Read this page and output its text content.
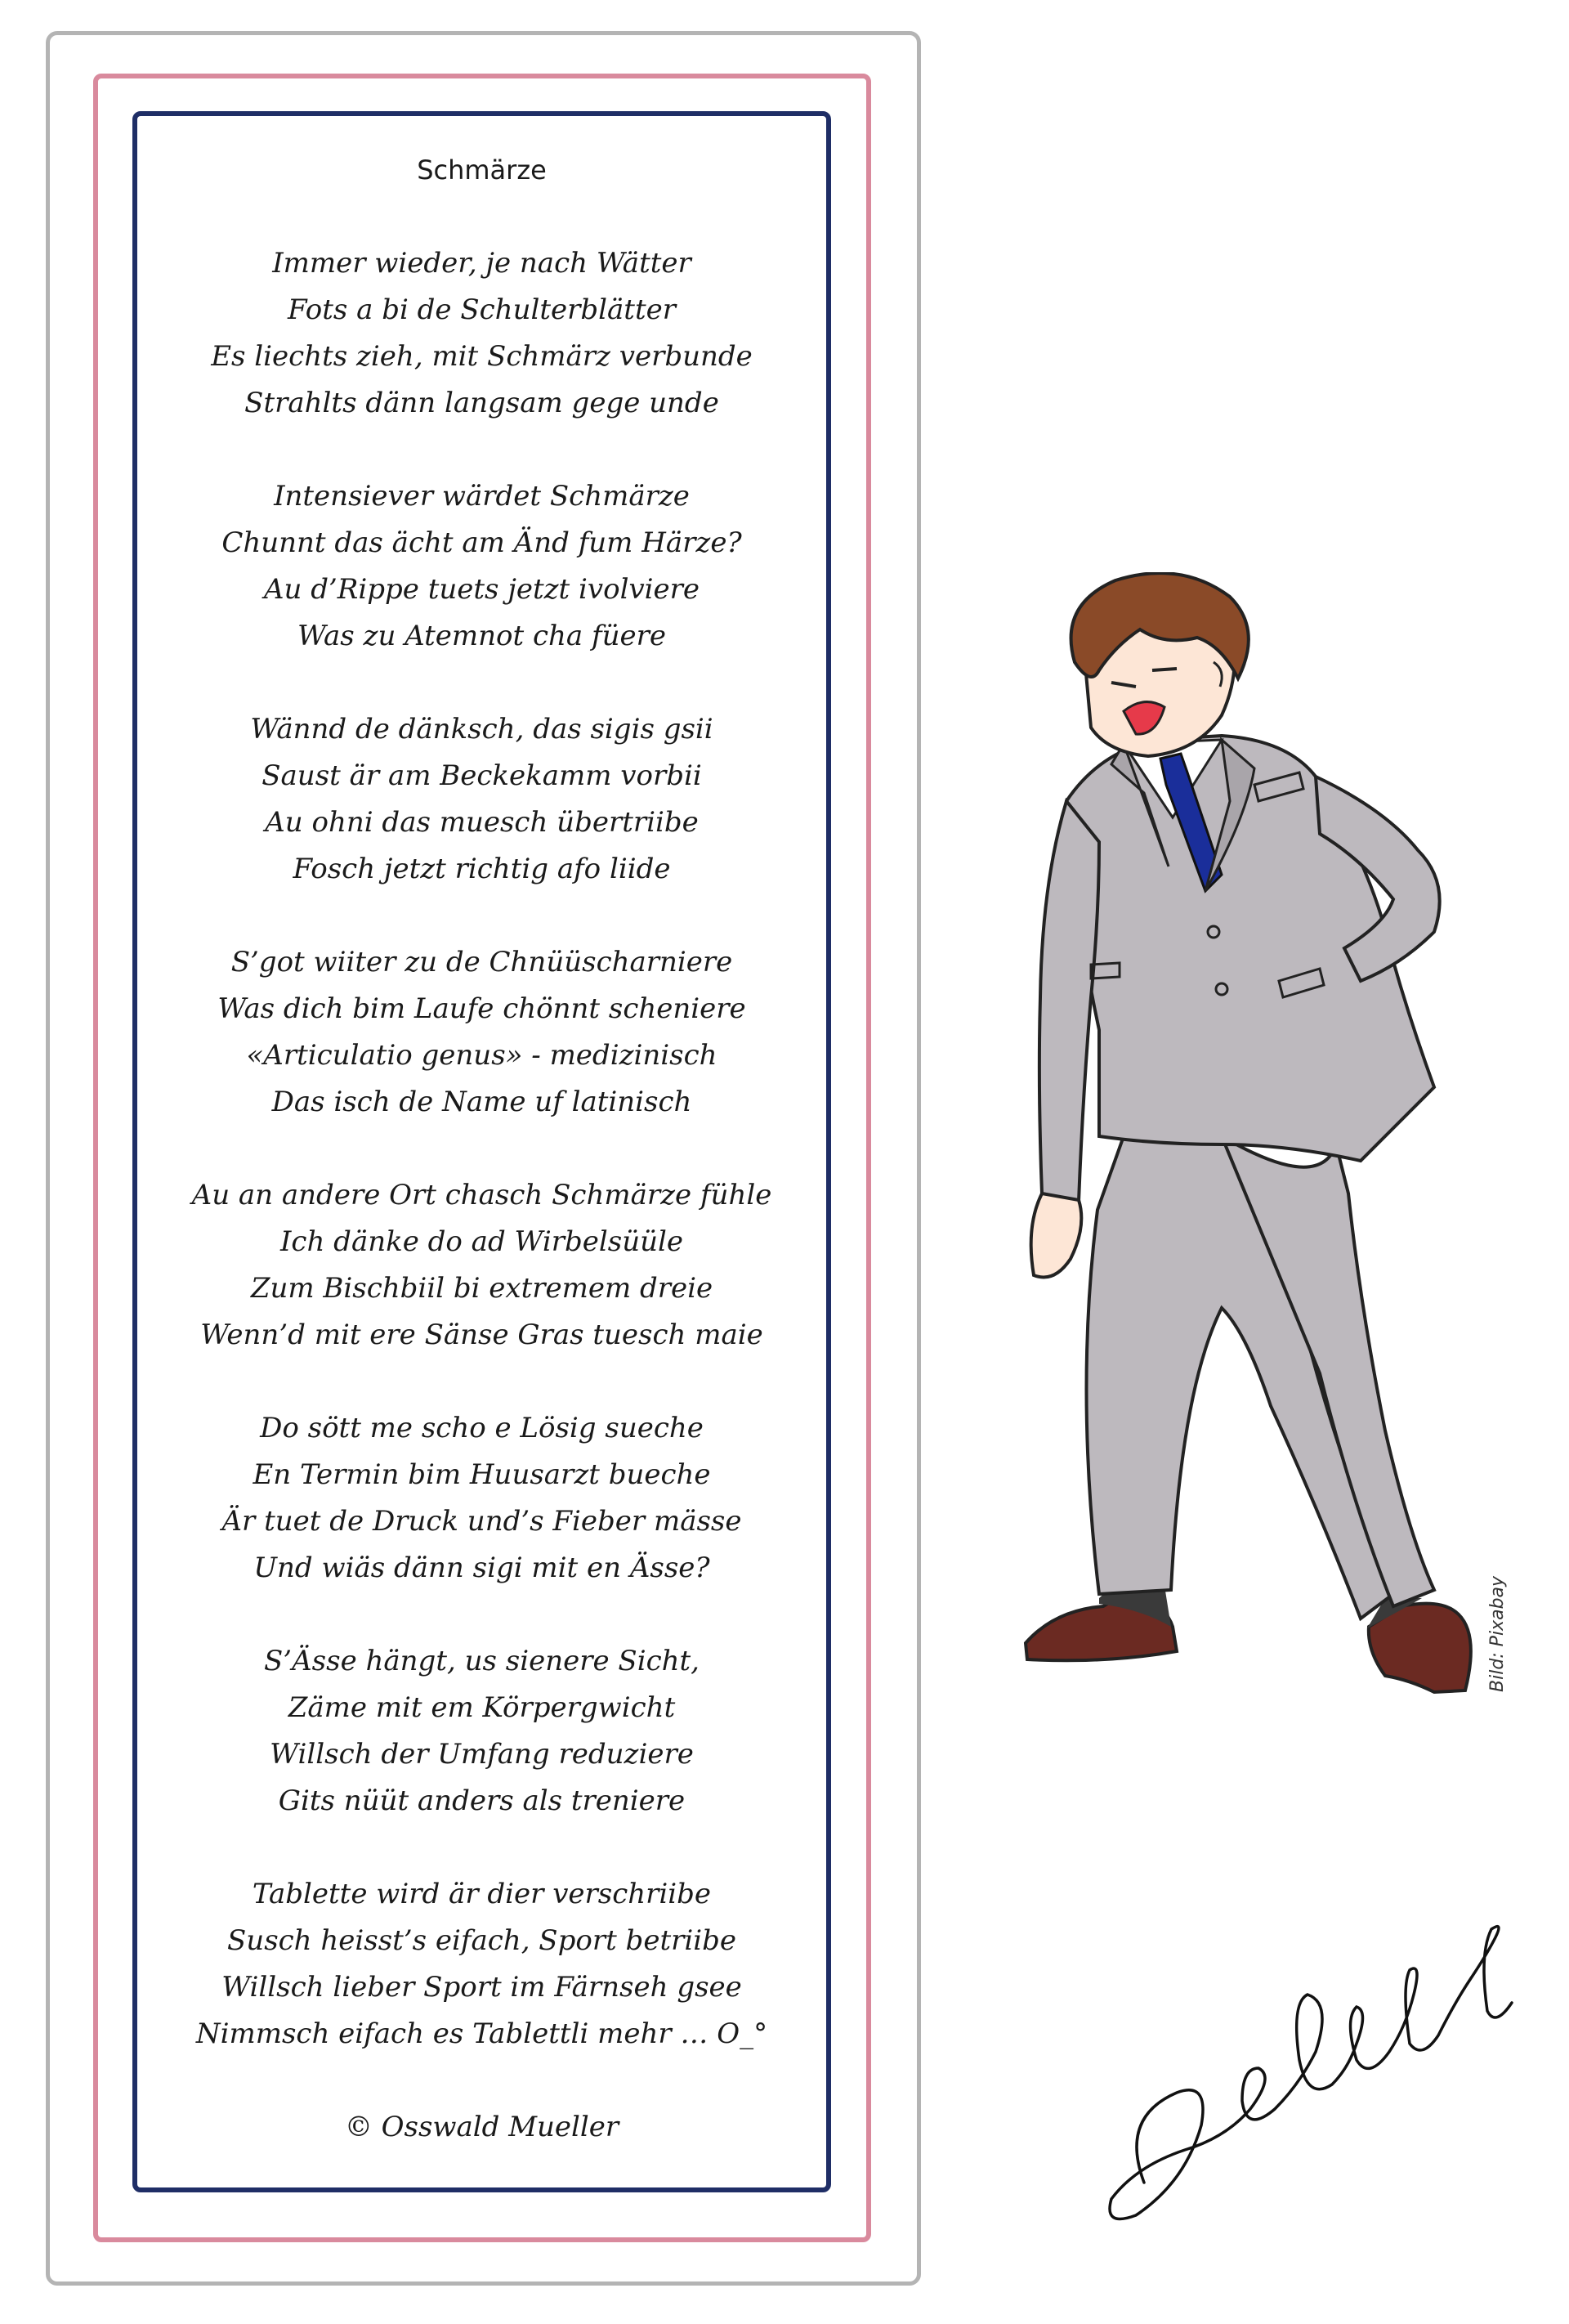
Schmärze
Immer wieder, je nach Wätter
Fots a bi de Schulterblätter
Es liechts zieh, mit Schmärz verbunde
Strahlts dänn langsam gege unde
Intensiever wärdet Schmärze
Chunnt das ächt am Änd fum Härze?
Au d’Rippe tuets jetzt ivolviere
Was zu Atemnot cha füere
Wännd de dänksch, das sigis gsii
Saust är am Beckekamm vorbii
Au ohni das muesch übertriibe
Fosch jetzt richtig afo liide
S’got wiiter zu de Chnüüscharniere
Was dich bim Laufe chönnt scheniere
«Articulatio genus» - medizinisch
Das isch de Name uf latinisch
Au an andere Ort chasch Schmärze fühle
Ich dänke do ad Wirbelsüüle
Zum Bischbiil bi extremem dreie
Wenn’d mit ere Sänse Gras tuesch maie
Do sött me scho e Lösig sueche
En Termin bim Huusarzt bueche
Är tuet de Druck und’s Fieber mässe
Und wiäs dänn sigi mit en Ässe?
S’Ässe hängt, us sienere Sicht,
Zäme mit em Körpergwicht
Willsch der Umfang reduziere
Gits nüüt anders als treniere
Tablette wird är dier verschriibe
Susch heisst’s eifach, Sport betriibe
Willsch lieber Sport im Färnseh gsee
Nimmsch eifach es Tablettli mehr … O_°
© Osswald Mueller
Bild: Pixabay
Gedichtezauber
